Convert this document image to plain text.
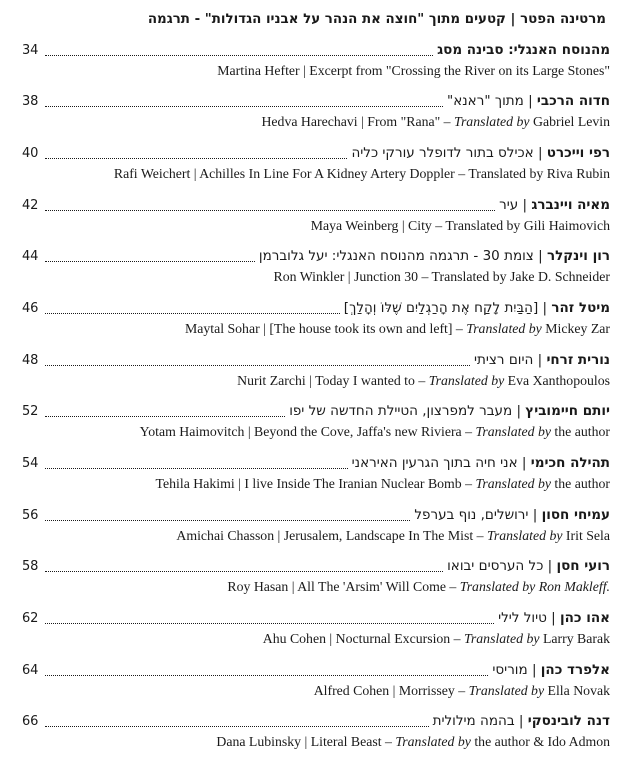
מרטינה הפטר | קטעים מתוך "חוצה את הנהר על אבניו הגדולות" - תרגמה
34	מהנוסח האנגלי: סבינה מסג
Martina Hefter | Excerpt from "Crossing the River on its Large Stones"
38	חדוה הרכבי | מתוך "ראנא"
Hedva Harechavi | From "Rana" – Translated by Gabriel Levin
40	רפי וייכרט | אכילס בתור לדופלר עורקי כליה
Rafi Weichert | Achilles In Line For A Kidney Artery Doppler – Translated by Riva Rubin
42	מאיה ויינברג | עיר
Maya Weinberg | City – Translated by Gili Haimovich
44	רון וינקלר | צומת 30 - תרגמה מהנוסח האנגלי: יעל גלוברמן
Ron Winkler | Junction 30 – Translated by Jake D. Schneider
46	מיטל זהר | [הַבַּיִת לָקַח אֶת הָרַגְלַיִם שֶׁלּוֹ וְהָלַךְ]
Maytal Sohar | [The house took its own and left] – Translated by Mickey Zar
48	נורית זרחי | היום רציתי
Nurit Zarchi | Today I wanted to – Translated by Eva Xanthopoulos
52	יותם חיימוביץ | מעבר למפרצון, הטיילת החדשה של יפו
Yotam Haimovitch | Beyond the Cove, Jaffa's new Riviera – Translated by the author
54	תהילה חכימי | אני חיה בתוך הגרעין האיראני
Tehila Hakimi | I live Inside The Iranian Nuclear Bomb – Translated by the author
56	עמיחי חסון | ירושלים, נוף בערפל
Amichai Chasson | Jerusalem, Landscape In The Mist – Translated by Irit Sela
58	רועי חסן | כל הערסים יבואו
Roy Hasan | All The 'Arsim' Will Come – Translated by Ron Makleff.
62	אהו כהן | טיול לילי
Ahu Cohen | Nocturnal Excursion – Translated by Larry Barak
64	אלפרד כהן | מוריסי
Alfred Cohen | Morrissey – Translated by Ella Novak
66	דנה לובינסקי | בהמה מילולית
Dana Lubinsky | Literal Beast – Translated by the author & Ido Admon
